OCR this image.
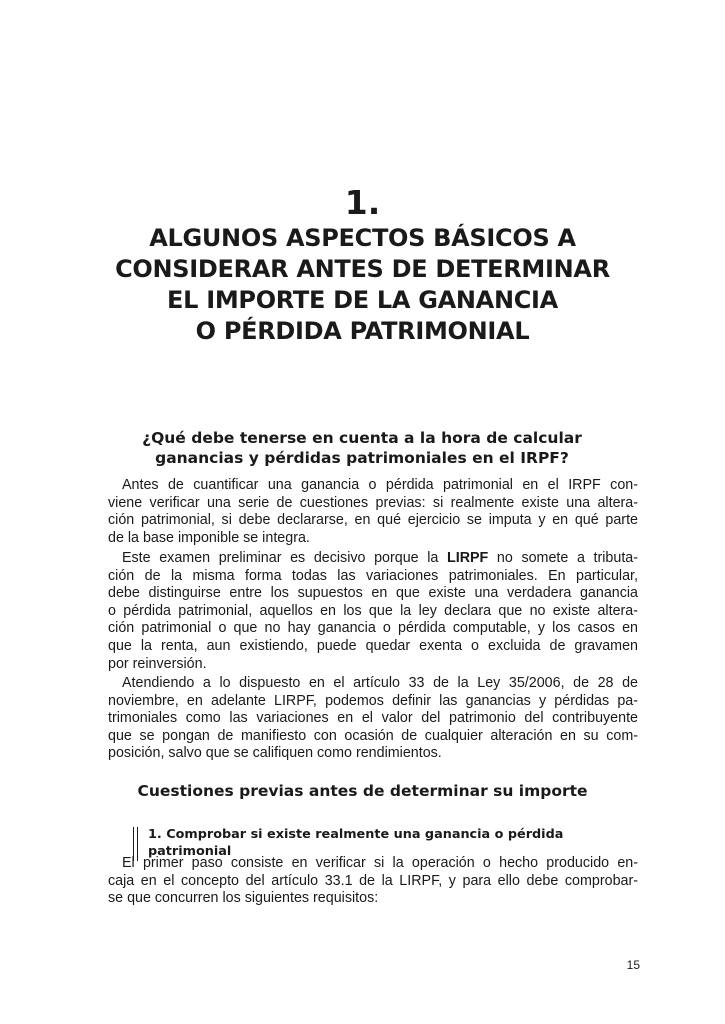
1.
ALGUNOS ASPECTOS BÁSICOS A
CONSIDERAR ANTES DE DETERMINAR
EL IMPORTE DE LA GANANCIA
O PÉRDIDA PATRIMONIAL
¿Qué debe tenerse en cuenta a la hora de calcular
ganancias y pérdidas patrimoniales en el IRPF?

Antes de cuantificar una ganancia o pérdida patrimonial en el IRPF con-
viene verificar una serie de cuestiones previas: si realmente existe una altera-
ción patrimonial, si debe declararse, en qué ejercicio se imputa y en qué parte
de la base imponible se integra.

Este examen preliminar es decisivo porque la LIRPF no somete a tributa-
ción de la misma forma todas las variaciones patrimoniales. En particular,
debe distinguirse entre los supuestos en que existe una verdadera ganancia
o pérdida patrimonial, aquellos en los que la ley declara que no existe altera-
ción patrimonial o que no hay ganancia o pérdida computable, y los casos en
que la renta, aun existiendo, puede quedar exenta o excluida de gravamen
por reinversión.

Atendiendo a lo dispuesto en el artículo 33 de la Ley 35/2006, de 28 de
noviembre, en adelante LIRPF, podemos definir las ganancias y pérdidas pa-
trimoniales como las variaciones en el valor del patrimonio del contribuyente
que se pongan de manifiesto con ocasión de cualquier alteración en su com-
posición, salvo que se califiquen como rendimientos.

Cuestiones previas antes de determinar su importe
1. Comprobar si existe realmente una ganancia o pérdida
patrimonial

El primer paso consiste en verificar si la operación o hecho producido en-
caja en el concepto del artículo 33.1 de la LIRPF, y para ello debe comprobar-
se que concurren los siguientes requisitos:

15
